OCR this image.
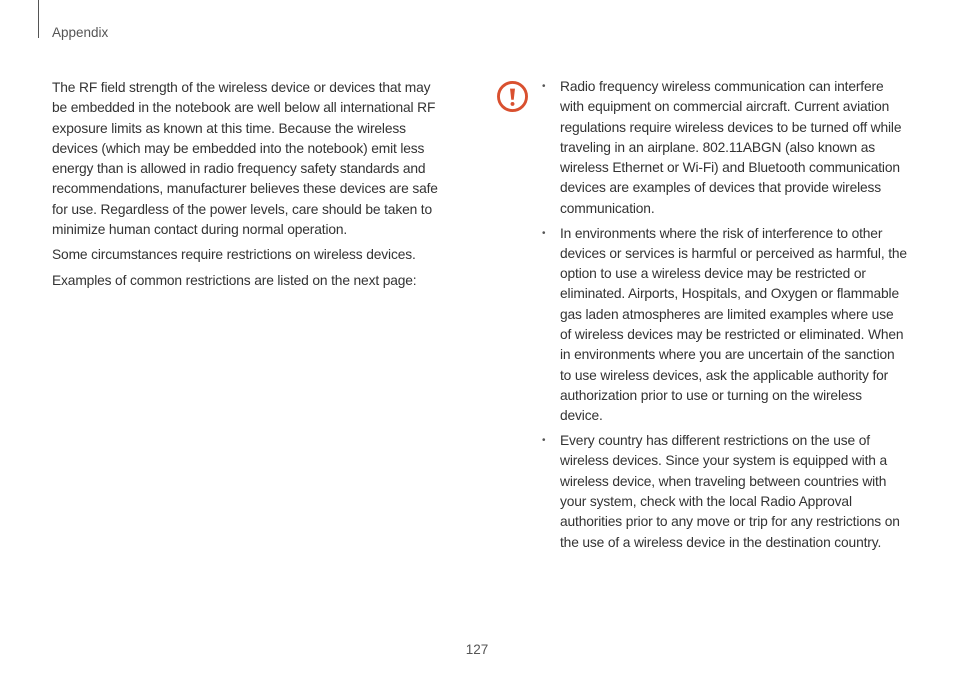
Appendix

The RF field strength of the wireless device or devices that may be embedded in the notebook are well below all international RF exposure limits as known at this time. Because the wireless devices (which may be embedded into the notebook) emit less energy than is allowed in radio frequency safety standards and recommendations, manufacturer believes these devices are safe for use. Regardless of the power levels, care should be taken to minimize human contact during normal operation.

Some circumstances require restrictions on wireless devices.

Examples of common restrictions are listed on the next page:

• Radio frequency wireless communication can interfere with equipment on commercial aircraft. Current aviation regulations require wireless devices to be turned off while traveling in an airplane. 802.11ABGN (also known as wireless Ethernet or Wi-Fi) and Bluetooth communication devices are examples of devices that provide wireless communication.
• In environments where the risk of interference to other devices or services is harmful or perceived as harmful, the option to use a wireless device may be restricted or eliminated. Airports, Hospitals, and Oxygen or flammable gas laden atmospheres are limited examples where use of wireless devices may be restricted or eliminated. When in environments where you are uncertain of the sanction to use wireless devices, ask the applicable authority for authorization prior to use or turning on the wireless device.
• Every country has different restrictions on the use of wireless devices. Since your system is equipped with a wireless device, when traveling between countries with your system, check with the local Radio Approval authorities prior to any move or trip for any restrictions on the use of a wireless device in the destination country.
127
